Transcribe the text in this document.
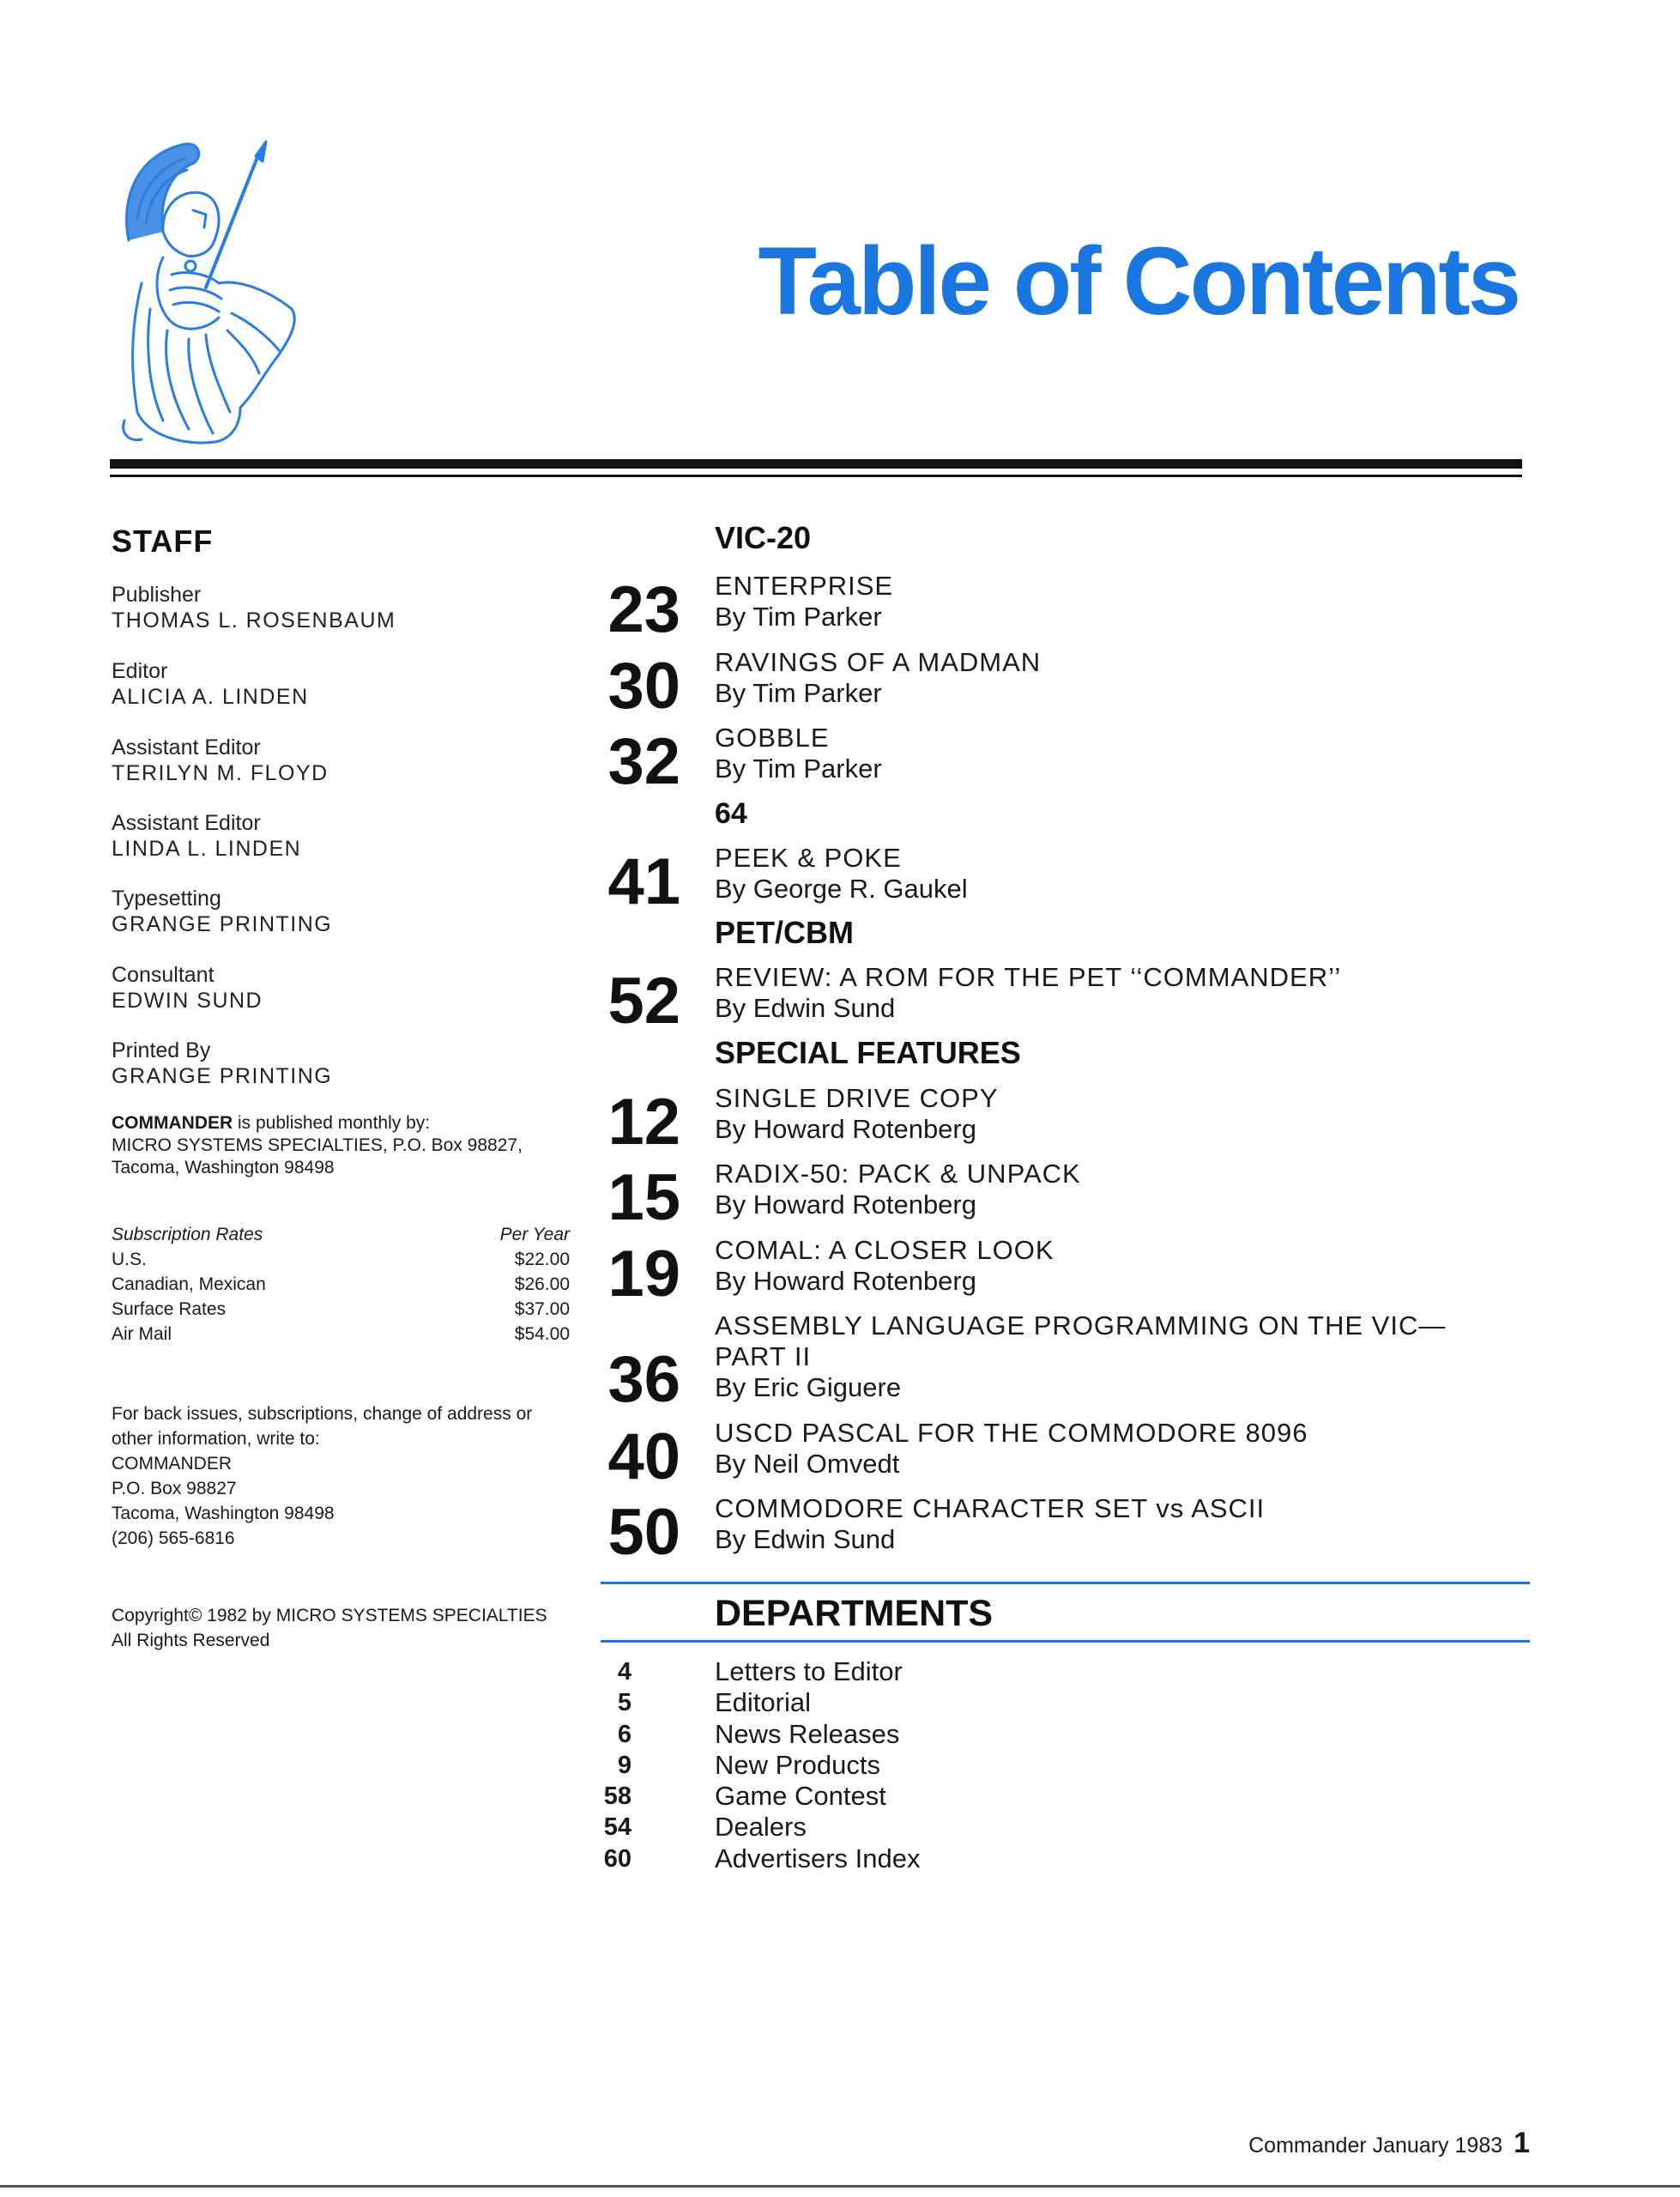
Table of Contents
STAFF
Publisher
THOMAS L. ROSENBAUM
Editor
ALICIA A. LINDEN
Assistant Editor
TERILYN M. FLOYD
Assistant Editor
LINDA L. LINDEN
Typesetting
GRANGE PRINTING
Consultant
EDWIN SUND
Printed By
GRANGE PRINTING
COMMANDER is published monthly by:
MICRO SYSTEMS SPECIALTIES, P.O. Box 98827,
Tacoma, Washington 98498
Subscription Rates	Per Year
U.S.	$22.00
Canadian, Mexican	$26.00
Surface Rates	$37.00
Air Mail	$54.00
For back issues, subscriptions, change of address or
other information, write to:
COMMANDER
P.O. Box 98827
Tacoma, Washington 98498
(206) 565-6816
Copyright© 1982 by MICRO SYSTEMS SPECIALTIES
All Rights Reserved
VIC-20
64
PET/CBM
SPECIAL FEATURES
23 ENTERPRISE
By Tim Parker
30 RAVINGS OF A MADMAN
By Tim Parker
32 GOBBLE
By Tim Parker
41 PEEK & POKE
By George R. Gaukel
52 REVIEW: A ROM FOR THE PET ‘‘COMMANDER’’
By Edwin Sund
12 SINGLE DRIVE COPY
By Howard Rotenberg
15 RADIX-50: PACK & UNPACK
By Howard Rotenberg
19 COMAL: A CLOSER LOOK
By Howard Rotenberg
36
ASSEMBLY LANGUAGE PROGRAMMING ON THE VIC—
PART II
By Eric Giguere
40 USCD PASCAL FOR THE COMMODORE 8096
By Neil Omvedt
50 COMMODORE CHARACTER SET vs ASCII
By Edwin Sund
DEPARTMENTS
4	Letters to Editor
5	Editorial
6	News Releases
9	New Products
58	Game Contest
54	Dealers
60	Advertisers Index
Commander January 1983 1
